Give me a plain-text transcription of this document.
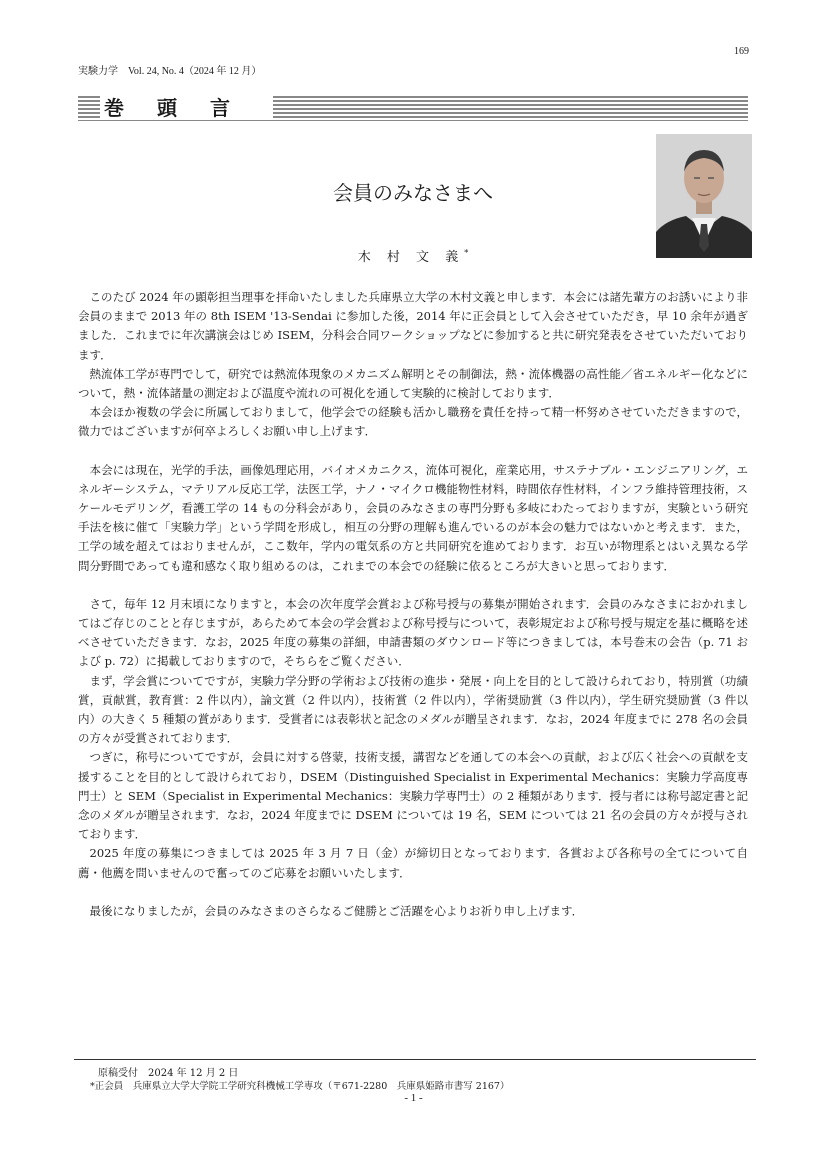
169
実験力学　Vol. 24, No. 4（2024 年 12 月）
巻頭言
会員のみなさまへ
木 村 文 義*

このたび 2024 年の顕彰担当理事を拝命いたしました兵庫県立大学の木村文義と申します．本会には諸先輩方のお誘いにより非会員のままで 2013 年の 8th ISEM '13-Sendai に参加した後，2014 年に正会員として入会させていただき，早 10 余年が過ぎました．これまでに年次講演会はじめ ISEM，分科会合同ワークショップなどに参加すると共に研究発表をさせていただいております．

熱流体工学が専門でして，研究では熱流体現象のメカニズム解明とその制御法，熱・流体機器の高性能／省エネルギー化などについて，熱・流体諸量の測定および温度や流れの可視化を通して実験的に検討しております．

本会ほか複数の学会に所属しておりまして，他学会での経験も活かし職務を責任を持って精一杯努めさせていただきますので，微力ではございますが何卒よろしくお願い申し上げます．

本会には現在，光学的手法，画像処理応用，バイオメカニクス，流体可視化，産業応用，サステナブル・エンジニアリング，エネルギーシステム，マテリアル反応工学，法医工学，ナノ・マイクロ機能物性材料，時間依存性材料，インフラ維持管理技術，スケールモデリング，看護工学の 14 もの分科会があり，会員のみなさまの専門分野も多岐にわたっておりますが，実験という研究手法を核に催て「実験力学」という学問を形成し，相互の分野の理解も進んでいるのが本会の魅力ではないかと考えます．また，工学の域を超えてはおりませんが，ここ数年，学内の電気系の方と共同研究を進めております．お互いが物理系とはいえ異なる学問分野間であっても違和感なく取り組めるのは，これまでの本会での経験に依るところが大きいと思っております．

さて，毎年 12 月末頃になりますと，本会の次年度学会賞および称号授与の募集が開始されます．会員のみなさまにおかれましてはご存じのことと存じますが，あらためて本会の学会賞および称号授与について，表彰規定および称号授与規定を基に概略を述べさせていただきます．なお，2025 年度の募集の詳細，申請書類のダウンロード等につきましては，本号巻末の会告（p. 71 および p. 72）に掲載しておりますので，そちらをご覧ください．

まず，学会賞についてですが，実験力学分野の学術および技術の進歩・発展・向上を目的として設けられており，特別賞（功績賞，貢献賞，教育賞：2 件以内），論文賞（2 件以内），技術賞（2 件以内），学術奨励賞（3 件以内），学生研究奨励賞（3 件以内）の大きく 5 種類の賞があります．受賞者には表彰状と記念のメダルが贈呈されます．なお，2024 年度までに 278 名の会員の方々が受賞されております．

つぎに，称号についてですが，会員に対する啓蒙，技術支援，講習などを通しての本会への貢献，および広く社会への貢献を支援することを目的として設けられており，DSEM（Distinguished Specialist in Experimental Mechanics：実験力学高度専門士）と SEM（Specialist in Experimental Mechanics：実験力学専門士）の 2 種類があります．授与者には称号認定書と記念のメダルが贈呈されます．なお，2024 年度までに DSEM については 19 名，SEM については 21 名の会員の方々が授与されております．

2025 年度の募集につきましては 2025 年 3 月 7 日（金）が締切日となっております．各賞および各称号の全てについて自薦・他薦を問いませんので奮ってのご応募をお願いいたします．

最後になりましたが，会員のみなさまのさらなるご健勝とご活躍を心よりお祈り申し上げます．

原稿受付　2024 年 12 月 2 日
*正会員　兵庫県立大学大学院工学研究科機械工学専攻（〒671-2280　兵庫県姫路市書写 2167）
- 1 -
